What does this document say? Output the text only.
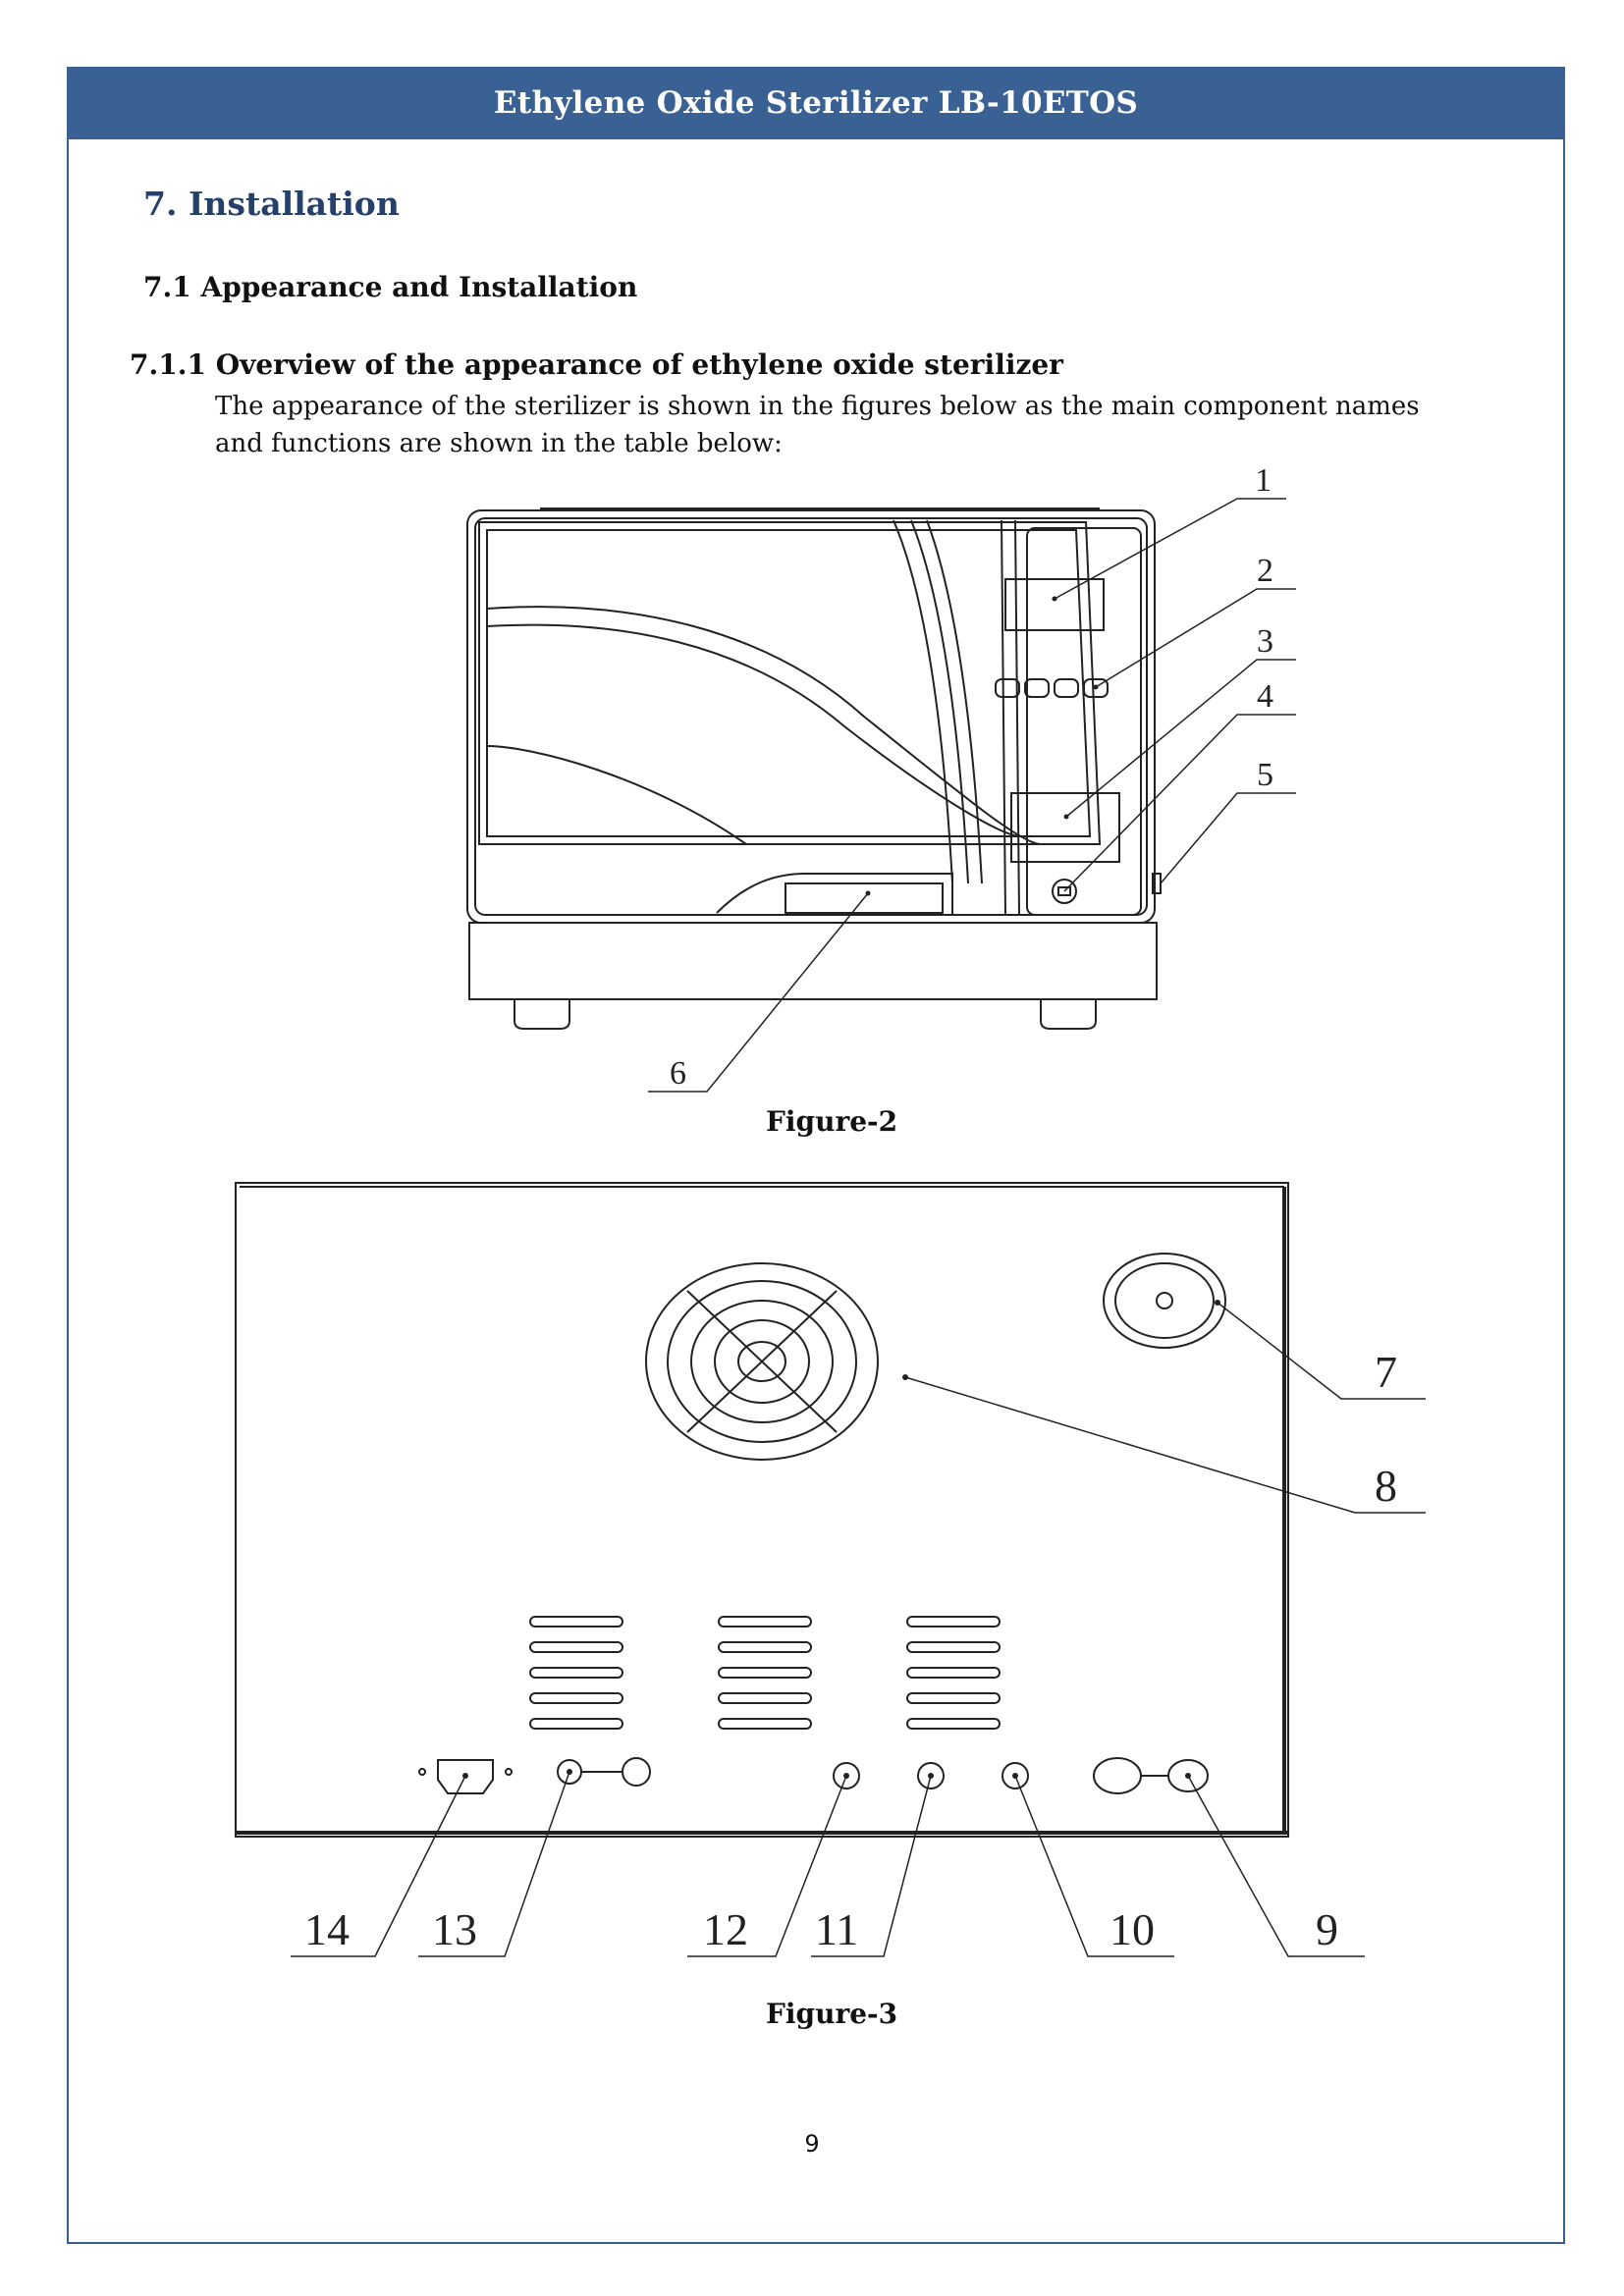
Ethylene Oxide Sterilizer LB-10ETOS
7. Installation
7.1 Appearance and Installation
7.1.1 Overview of the appearance of ethylene oxide sterilizer
The appearance of the sterilizer is shown in the figures below as the main component names
and functions are shown in the table below:
1
2
3
4
5
6
Figure-2
7
8
9
10
11
12
13
14
Figure-3
9
